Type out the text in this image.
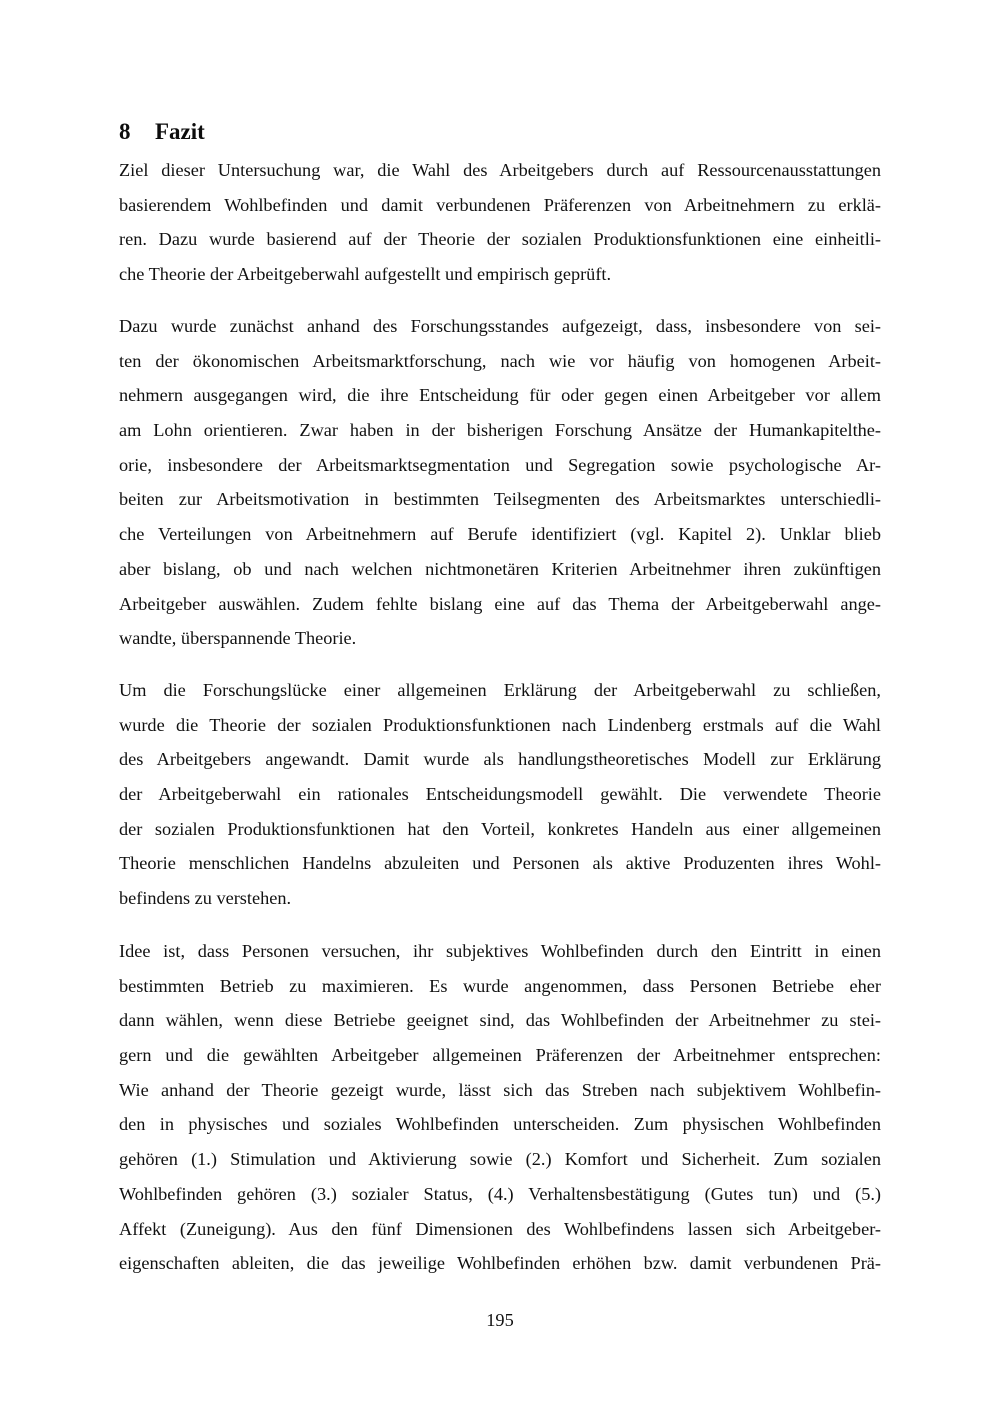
8 Fazit
Ziel dieser Untersuchung war, die Wahl des Arbeitgebers durch auf Ressourcenausstattungen
basierendem Wohlbefinden und damit verbundenen Präferenzen von Arbeitnehmern zu erklä-
ren. Dazu wurde basierend auf der Theorie der sozialen Produktionsfunktionen eine einheitli-
che Theorie der Arbeitgeberwahl aufgestellt und empirisch geprüft.
Dazu wurde zunächst anhand des Forschungsstandes aufgezeigt, dass, insbesondere von sei-
ten der ökonomischen Arbeitsmarktforschung, nach wie vor häufig von homogenen Arbeit-
nehmern ausgegangen wird, die ihre Entscheidung für oder gegen einen Arbeitgeber vor allem
am Lohn orientieren. Zwar haben in der bisherigen Forschung Ansätze der Humankapitelthe-
orie, insbesondere der Arbeitsmarktsegmentation und Segregation sowie psychologische Ar-
beiten zur Arbeitsmotivation in bestimmten Teilsegmenten des Arbeitsmarktes unterschiedli-
che Verteilungen von Arbeitnehmern auf Berufe identifiziert (vgl. Kapitel 2). Unklar blieb
aber bislang, ob und nach welchen nichtmonetären Kriterien Arbeitnehmer ihren zukünftigen
Arbeitgeber auswählen. Zudem fehlte bislang eine auf das Thema der Arbeitgeberwahl ange-
wandte, überspannende Theorie.
Um die Forschungslücke einer allgemeinen Erklärung der Arbeitgeberwahl zu schließen,
wurde die Theorie der sozialen Produktionsfunktionen nach Lindenberg erstmals auf die Wahl
des Arbeitgebers angewandt. Damit wurde als handlungstheoretisches Modell zur Erklärung
der Arbeitgeberwahl ein rationales Entscheidungsmodell gewählt. Die verwendete Theorie
der sozialen Produktionsfunktionen hat den Vorteil, konkretes Handeln aus einer allgemeinen
Theorie menschlichen Handelns abzuleiten und Personen als aktive Produzenten ihres Wohl-
befindens zu verstehen.
Idee ist, dass Personen versuchen, ihr subjektives Wohlbefinden durch den Eintritt in einen
bestimmten Betrieb zu maximieren. Es wurde angenommen, dass Personen Betriebe eher
dann wählen, wenn diese Betriebe geeignet sind, das Wohlbefinden der Arbeitnehmer zu stei-
gern und die gewählten Arbeitgeber allgemeinen Präferenzen der Arbeitnehmer entsprechen:
Wie anhand der Theorie gezeigt wurde, lässt sich das Streben nach subjektivem Wohlbefin-
den in physisches und soziales Wohlbefinden unterscheiden. Zum physischen Wohlbefinden
gehören (1.) Stimulation und Aktivierung sowie (2.) Komfort und Sicherheit. Zum sozialen
Wohlbefinden gehören (3.) sozialer Status, (4.) Verhaltensbestätigung (Gutes tun) und (5.)
Affekt (Zuneigung). Aus den fünf Dimensionen des Wohlbefindens lassen sich Arbeitgeber-
eigenschaften ableiten, die das jeweilige Wohlbefinden erhöhen bzw. damit verbundenen Prä-
195
